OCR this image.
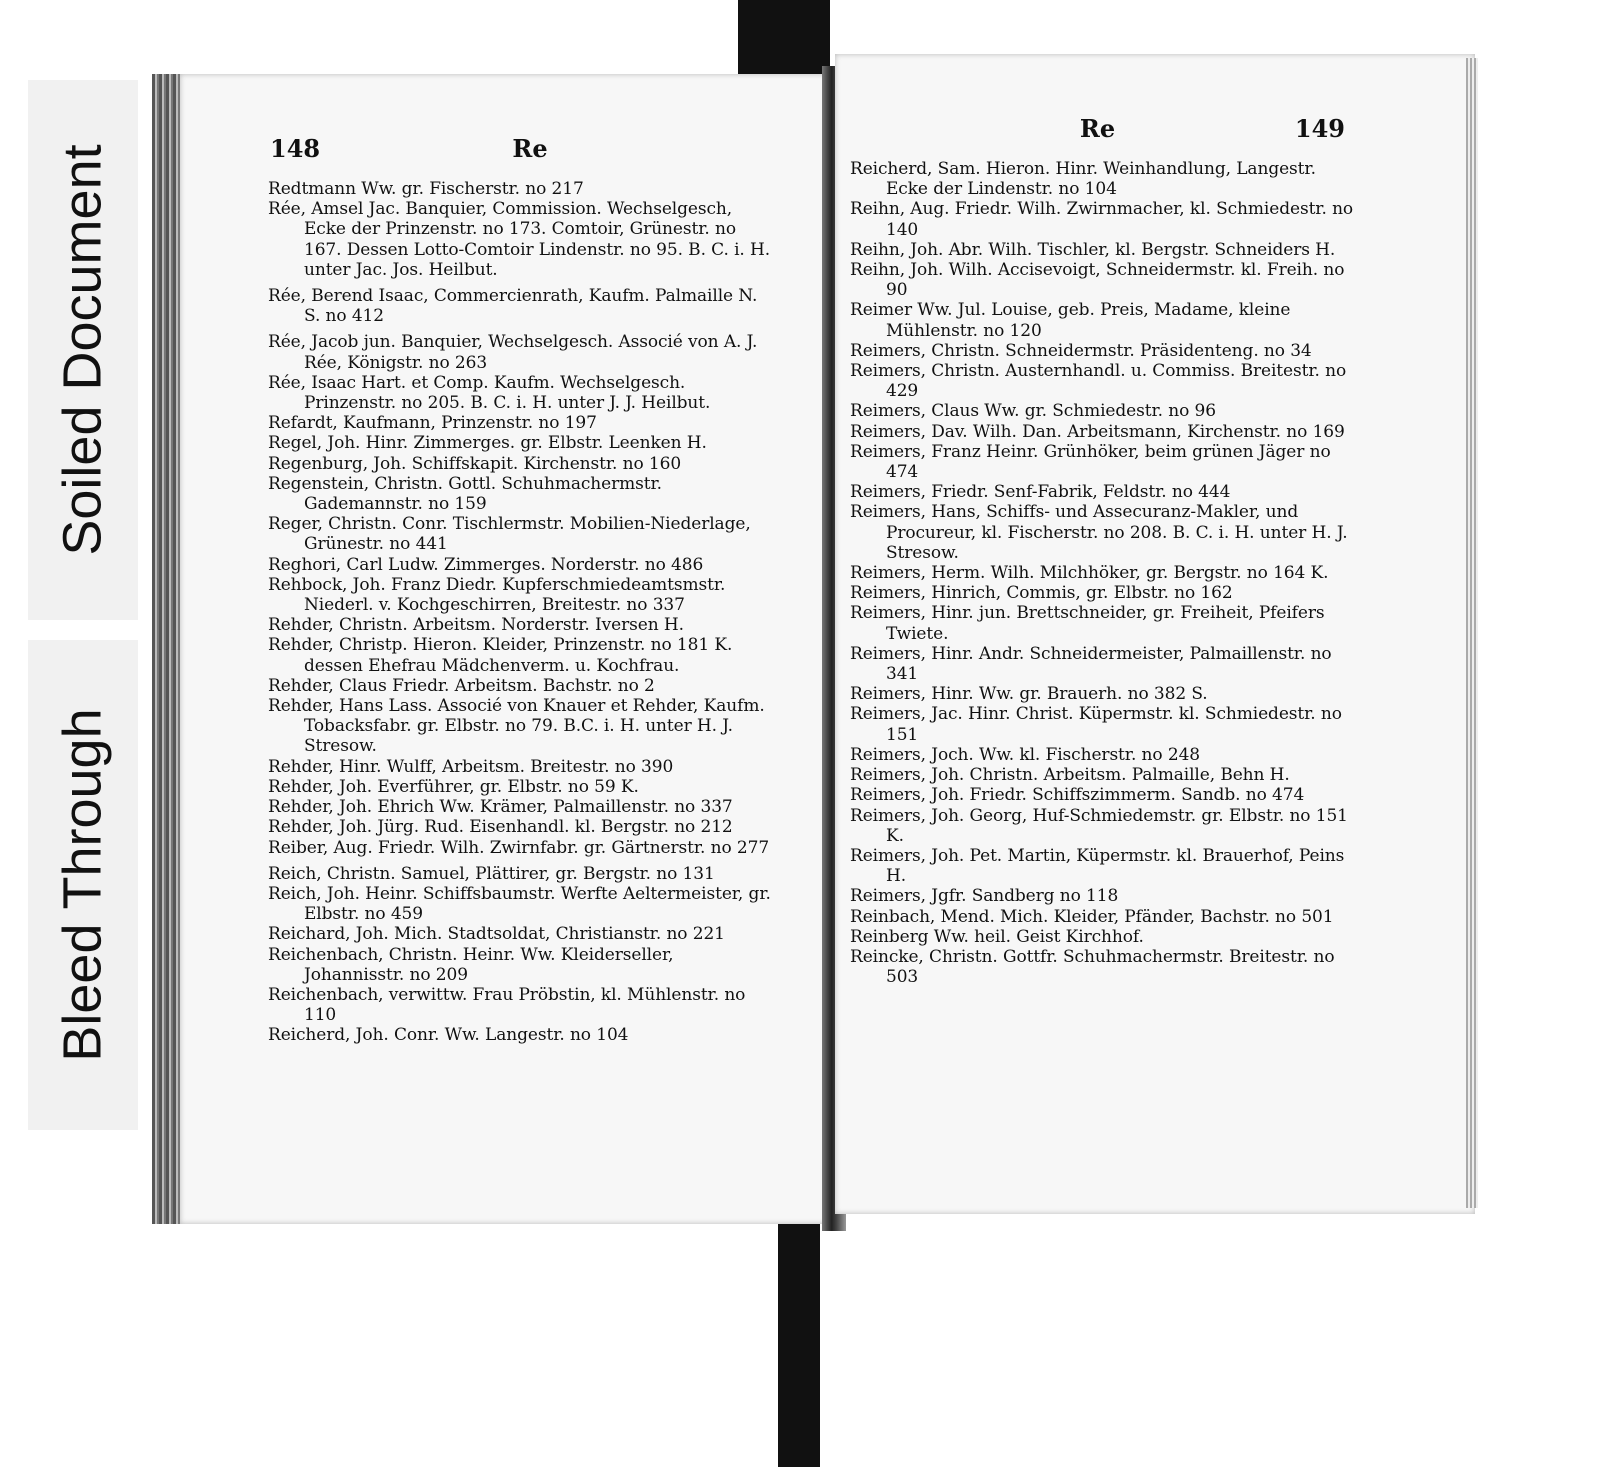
Soiled Document
Bleed Through
148	Re
Redtmann Ww. gr. Fischerstr. no 217
Rée, Amsel Jac. Banquier, Commission. Wechselgesch, Ecke der Prinzenstr. no 173. Comtoir, Grünestr. no 167. Dessen Lotto-Comtoir Lindenstr. no 95. B. C. i. H. unter Jac. Jos. Heilbut.
Rée, Berend Isaac, Commercienrath, Kaufm. Palmaille N. S. no 412
Rée, Jacob jun. Banquier, Wechselgesch. Associé von A. J. Rée, Königstr. no 263
Rée, Isaac Hart. et Comp. Kaufm. Wechselgesch. Prinzenstr. no 205. B. C. i. H. unter J. J. Heilbut.
Refardt, Kaufmann, Prinzenstr. no 197
Regel, Joh. Hinr. Zimmerges. gr. Elbstr. Leenken H.
Regenburg, Joh. Schiffskapit. Kirchenstr. no 160
Regenstein, Christn. Gottl. Schuhmachermstr. Gademannstr. no 159
Reger, Christn. Conr. Tischlermstr. Mobilien-Niederlage, Grünestr. no 441
Reghori, Carl Ludw. Zimmerges. Norderstr. no 486
Rehbock, Joh. Franz Diedr. Kupferschmiedeamtsmstr. Niederl. v. Kochgeschirren, Breitestr. no 337
Rehder, Christn. Arbeitsm. Norderstr. Iversen H.
Rehder, Christp. Hieron. Kleider, Prinzenstr. no 181 K. dessen Ehefrau Mädchenverm. u. Kochfrau.
Rehder, Claus Friedr. Arbeitsm. Bachstr. no 2
Rehder, Hans Lass. Associé von Knauer et Rehder, Kaufm. Tobacksfabr. gr. Elbstr. no 79. B.C. i. H. unter H. J. Stresow.
Rehder, Hinr. Wulff, Arbeitsm. Breitestr. no 390
Rehder, Joh. Everführer, gr. Elbstr. no 59 K.
Rehder, Joh. Ehrich Ww. Krämer, Palmaillenstr. no 337
Rehder, Joh. Jürg. Rud. Eisenhandl. kl. Bergstr. no 212
Reiber, Aug. Friedr. Wilh. Zwirnfabr. gr. Gärtnerstr. no 277
Reich, Christn. Samuel, Plättirer, gr. Bergstr. no 131
Reich, Joh. Heinr. Schiffsbaumstr. Werfte Aeltermeister, gr. Elbstr. no 459
Reichard, Joh. Mich. Stadtsoldat, Christianstr. no 221
Reichenbach, Christn. Heinr. Ww. Kleiderseller, Johannisstr. no 209
Reichenbach, verwittw. Frau Pröbstin, kl. Mühlenstr. no 110
Reicherd, Joh. Conr. Ww. Langestr. no 104
Re	149
Reicherd, Sam. Hieron. Hinr. Weinhandlung, Langestr. Ecke der Lindenstr. no 104
Reihn, Aug. Friedr. Wilh. Zwirnmacher, kl. Schmiedestr. no 140
Reihn, Joh. Abr. Wilh. Tischler, kl. Bergstr. Schneiders H.
Reihn, Joh. Wilh. Accisevoigt, Schneidermstr. kl. Freih. no 90
Reimer Ww. Jul. Louise, geb. Preis, Madame, kleine Mühlenstr. no 120
Reimers, Christn. Schneidermstr. Präsidenteng. no 34
Reimers, Christn. Austernhandl. u. Commiss. Breitestr. no 429
Reimers, Claus Ww. gr. Schmiedestr. no 96
Reimers, Dav. Wilh. Dan. Arbeitsmann, Kirchenstr. no 169
Reimers, Franz Heinr. Grünhöker, beim grünen Jäger no 474
Reimers, Friedr. Senf-Fabrik, Feldstr. no 444
Reimers, Hans, Schiffs- und Assecuranz-Makler, und Procureur, kl. Fischerstr. no 208. B. C. i. H. unter H. J. Stresow.
Reimers, Herm. Wilh. Milchhöker, gr. Bergstr. no 164 K.
Reimers, Hinrich, Commis, gr. Elbstr. no 162
Reimers, Hinr. jun. Brettschneider, gr. Freiheit, Pfeifers Twiete.
Reimers, Hinr. Andr. Schneidermeister, Palmaillenstr. no 341
Reimers, Hinr. Ww. gr. Brauerh. no 382 S.
Reimers, Jac. Hinr. Christ. Küpermstr. kl. Schmiedestr. no 151
Reimers, Joch. Ww. kl. Fischerstr. no 248
Reimers, Joh. Christn. Arbeitsm. Palmaille, Behn H.
Reimers, Joh. Friedr. Schiffszimmerm. Sandb. no 474
Reimers, Joh. Georg, Huf-Schmiedemstr. gr. Elbstr. no 151 K.
Reimers, Joh. Pet. Martin, Küpermstr. kl. Brauerhof, Peins H.
Reimers, Jgfr. Sandberg no 118
Reinbach, Mend. Mich. Kleider, Pfänder, Bachstr. no 501
Reinberg Ww. heil. Geist Kirchhof.
Reincke, Christn. Gottfr. Schuhmachermstr. Breitestr. no 503
